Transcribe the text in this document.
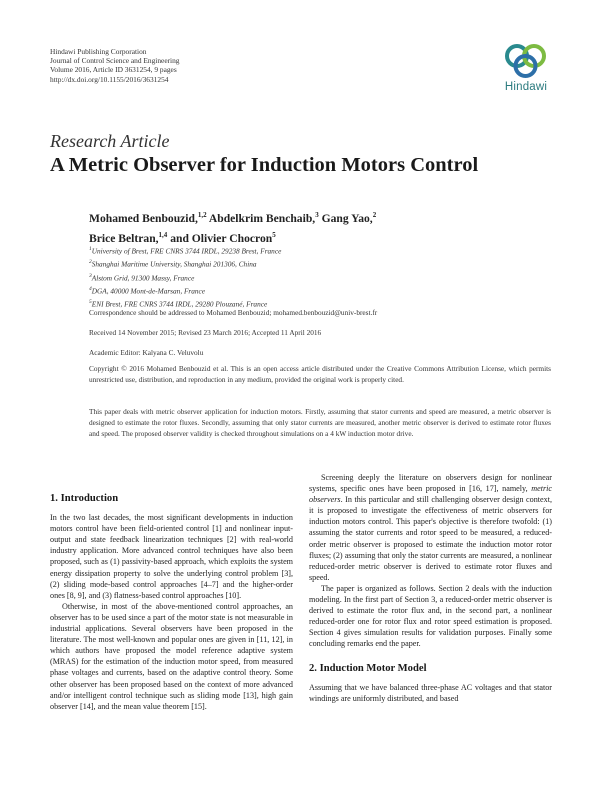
Hindawi Publishing Corporation
Journal of Control Science and Engineering
Volume 2016, Article ID 3631254, 9 pages
http://dx.doi.org/10.1155/2016/3631254
Hindawi
Research Article
A Metric Observer for Induction Motors Control
Mohamed Benbouzid,$^{1,2}$ Abdelkrim Benchaib,$^3$ Gang Yao,$^2$
Brice Beltran,$^{1,4}$ and Olivier Chocron$^5$
$^1$University of Brest, FRE CNRS 3744 IRDL, 29238 Brest, France
$^2$Shanghai Maritime University, Shanghai 201306, China
$^3$Alstom Grid, 91300 Massy, France
$^4$DGA, 40000 Mont-de-Marsan, France
$^5$ENI Brest, FRE CNRS 3744 IRDL, 29280 Plouzané, France
Correspondence should be addressed to Mohamed Benbouzid; mohamed.benbouzid@univ-brest.fr
Received 14 November 2015; Revised 23 March 2016; Accepted 11 April 2016
Academic Editor: Kalyana C. Veluvolu
Copyright © 2016 Mohamed Benbouzid et al. This is an open access article distributed under the Creative Commons Attribution License, which permits unrestricted use, distribution, and reproduction in any medium, provided the original work is properly cited.
This paper deals with metric observer application for induction motors. Firstly, assuming that stator currents and speed are measured, a metric observer is designed to estimate the rotor fluxes. Secondly, assuming that only stator currents are measured, another metric observer is derived to estimate rotor fluxes and speed. The proposed observer validity is checked throughout simulations on a 4 kW induction motor drive.
1. Introduction

In the two last decades, the most significant developments in induction motors control have been field-oriented control [1] and nonlinear input-output and state feedback linearization techniques [2] with real-world industry application. More advanced control techniques have also been proposed, such as (1) passivity-based approach, which exploits the system energy dissipation property to solve the underlying control problem [3], (2) sliding mode-based control approaches [4–7] and the higher-order ones [8, 9], and (3) flatness-based control approaches [10].

Otherwise, in most of the above-mentioned control approaches, an observer has to be used since a part of the motor state is not measurable in industrial applications. Several observers have been proposed in the literature. The most well-known and popular ones are given in [11, 12], in which authors have proposed the model reference adaptive system (MRAS) for the estimation of the induction motor speed, from measured phase voltages and currents, based on the adaptive control theory. Some other observer has been proposed based on the context of more advanced and/or intelligent control technique such as sliding mode [13], high gain observer [14], and the mean value theorem [15].

Screening deeply the literature on observers design for nonlinear systems, specific ones have been proposed in [16, 17], namely, metric observers. In this particular and still challenging observer design context, it is proposed to investigate the effectiveness of metric observers for induction motors control. This paper's objective is therefore twofold: (1) assuming the stator currents and rotor speed to be measured, a reduced-order metric observer is proposed to estimate the induction motor rotor fluxes; (2) assuming that only the stator currents are measured, a nonlinear reduced-order metric observer is derived to estimate rotor fluxes and speed.

The paper is organized as follows. Section 2 deals with the induction modeling. In the first part of Section 3, a reduced-order metric observer is derived to estimate the rotor flux and, in the second part, a nonlinear reduced-order one for rotor flux and rotor speed estimation is proposed. Section 4 gives simulation results for validation purposes. Finally some concluding remarks end the paper.

2. Induction Motor Model

Assuming that we have balanced three-phase AC voltages and that stator windings are uniformly distributed, and based
